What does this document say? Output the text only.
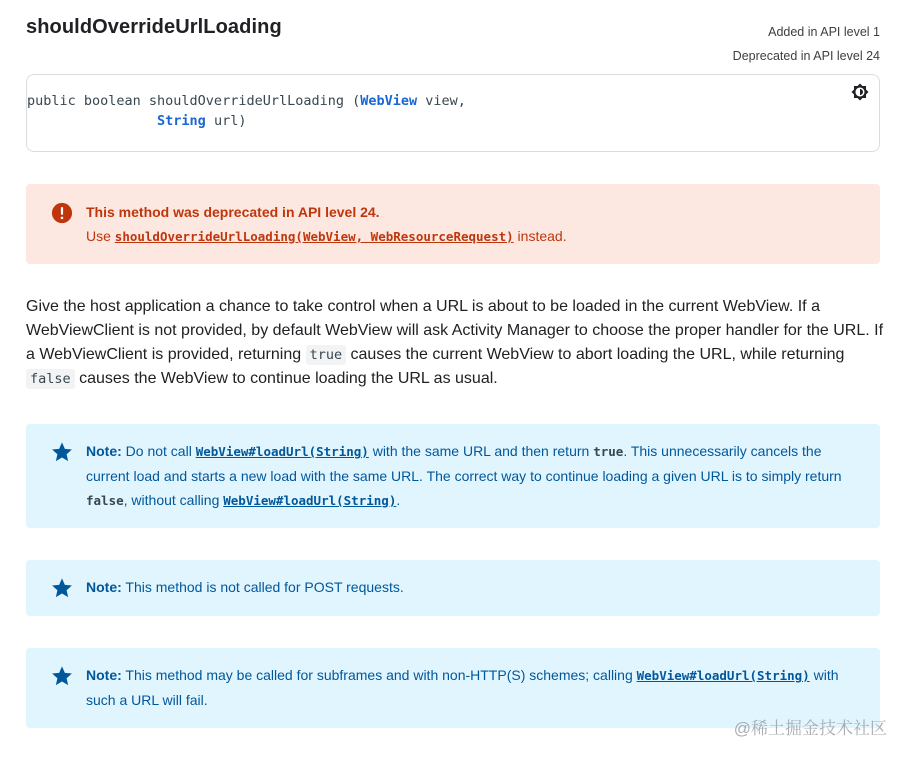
shouldOverrideUrlLoading	Added in API level 1
Deprecated in API level 24
public boolean shouldOverrideUrlLoading (WebView view,
String url)
This method was deprecated in API level 24.
Use shouldOverrideUrlLoading(WebView, WebResourceRequest) instead.

Give the host application a chance to take control when a URL is about to be loaded in the current WebView. If a WebViewClient is not provided, by default WebView will ask Activity Manager to choose the proper handler for the URL. If a WebViewClient is provided, returning true causes the current WebView to abort loading the URL, while returning false causes the WebView to continue loading the URL as usual.

Note: Do not call WebView#loadUrl(String) with the same URL and then return true. This unnecessarily cancels the current load and starts a new load with the same URL. The correct way to continue loading a given URL is to simply return false, without calling WebView#loadUrl(String).
Note: This method is not called for POST requests.
Note: This method may be called for subframes and with non-HTTP(S) schemes; calling WebView#loadUrl(String) with such a URL will fail.
@稀土掘金技术社区
